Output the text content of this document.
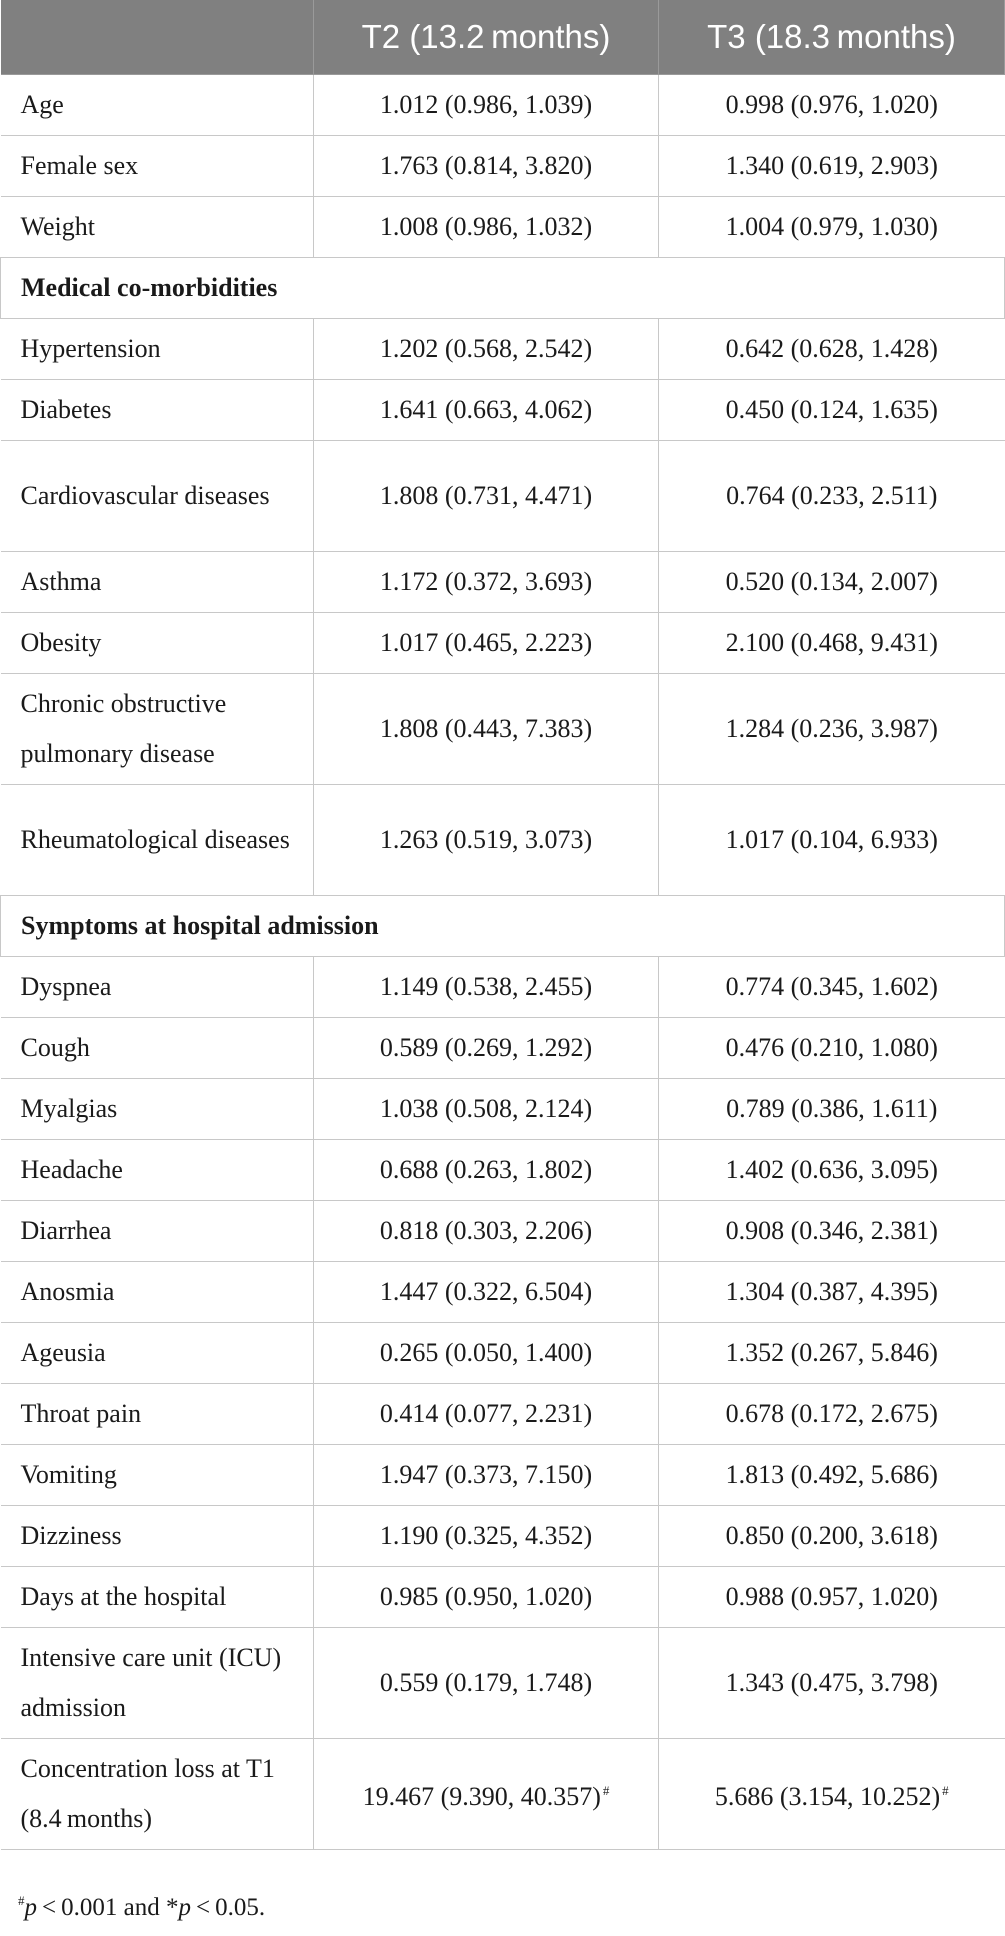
	T2 (13.2 months)	T3 (18.3 months)
Age	1.012 (0.986, 1.039)	0.998 (0.976, 1.020)
Female sex	1.763 (0.814, 3.820)	1.340 (0.619, 2.903)
Weight	1.008 (0.986, 1.032)	1.004 (0.979, 1.030)
Medical co-morbidities		
Hypertension	1.202 (0.568, 2.542)	0.642 (0.628, 1.428)
Diabetes	1.641 (0.663, 4.062)	0.450 (0.124, 1.635)
Cardiovascular diseases	1.808 (0.731, 4.471)	0.764 (0.233, 2.511)
Asthma	1.172 (0.372, 3.693)	0.520 (0.134, 2.007)
Obesity	1.017 (0.465, 2.223)	2.100 (0.468, 9.431)
Chronic obstructive pulmonary disease	1.808 (0.443, 7.383)	1.284 (0.236, 3.987)
Rheumatological diseases	1.263 (0.519, 3.073)	1.017 (0.104, 6.933)
Symptoms at hospital admission		
Dyspnea	1.149 (0.538, 2.455)	0.774 (0.345, 1.602)
Cough	0.589 (0.269, 1.292)	0.476 (0.210, 1.080)
Myalgias	1.038 (0.508, 2.124)	0.789 (0.386, 1.611)
Headache	0.688 (0.263, 1.802)	1.402 (0.636, 3.095)
Diarrhea	0.818 (0.303, 2.206)	0.908 (0.346, 2.381)
Anosmia	1.447 (0.322, 6.504)	1.304 (0.387, 4.395)
Ageusia	0.265 (0.050, 1.400)	1.352 (0.267, 5.846)
Throat pain	0.414 (0.077, 2.231)	0.678 (0.172, 2.675)
Vomiting	1.947 (0.373, 7.150)	1.813 (0.492, 5.686)
Dizziness	1.190 (0.325, 4.352)	0.850 (0.200, 3.618)
Days at the hospital	0.985 (0.950, 1.020)	0.988 (0.957, 1.020)
Intensive care unit (ICU) admission	0.559 (0.179, 1.748)	1.343 (0.475, 3.798)
Concentration loss at T1 (8.4 months)	19.467 (9.390, 40.357) #	5.686 (3.154, 10.252) #
#p < 0.001 and *p < 0.05.
